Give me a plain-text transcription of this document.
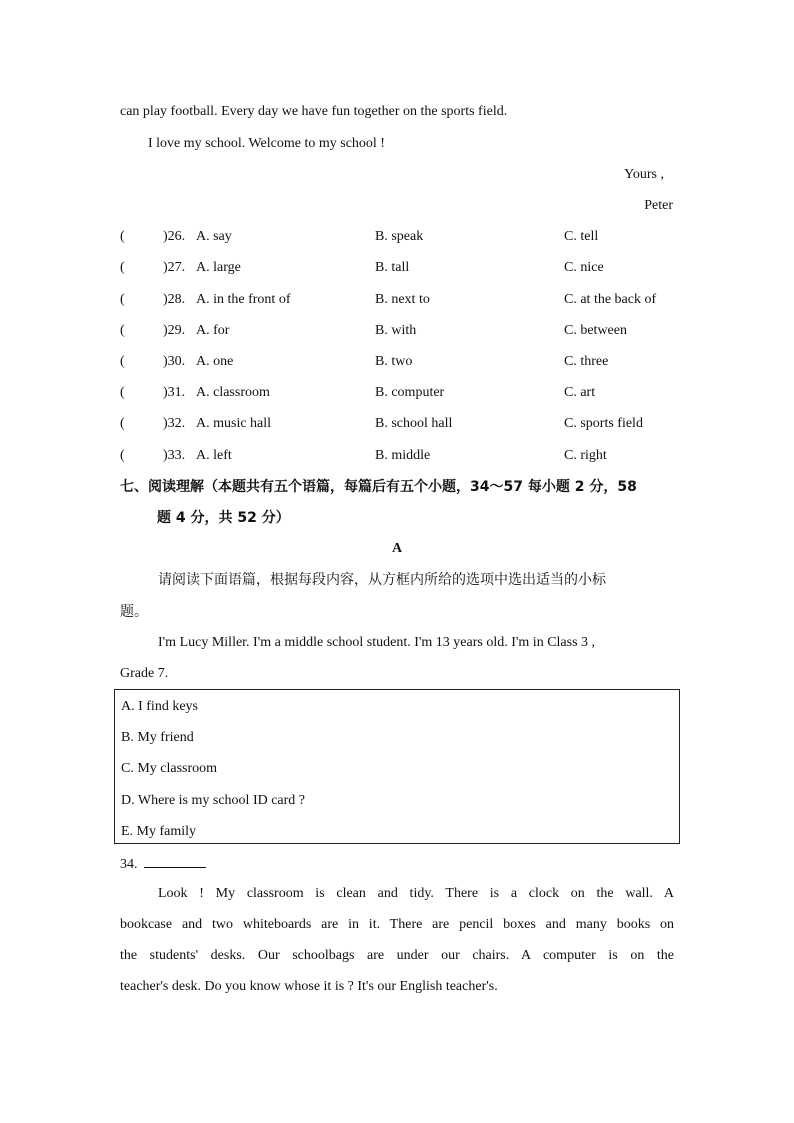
can play football. Every day we have fun together on the sports field.
I love my school. Welcome to my school !
Yours ,
Peter
(	)26. A. say	B. speak	C. tell
(	)27. A. large	B. tall	C. nice
(	)28. A. in the front of	B. next to	C. at the back of
(	)29. A. for	B. with	C. between
(	)30. A. one	B. two	C. three
(	)31. A. classroom	B. computer	C. art
(	)32. A. music hall	B. school hall	C. sports field
(	)33. A. left	B. middle	C. right
七、阅读理解（本题共有五个语篇，每篇后有五个小题，34～57 每小题 2 分，58
题 4 分，共 52 分）
A
请阅读下面语篇，根据每段内容，从方框内所给的选项中选出适当的小标
题。
I'm Lucy Miller. I'm a middle school student. I'm 13 years old. I'm in Class 3 ,
Grade 7.
A. I find keys
B. My friend
C. My classroom
D. Where is my school ID card ?
E. My family
34.
Look ! My classroom is clean and tidy. There is a clock on the wall. A
bookcase and two whiteboards are in it. There are pencil boxes and many books on
the students' desks. Our schoolbags are under our chairs. A computer is on the
teacher's desk. Do you know whose it is ? It's our English teacher's.
